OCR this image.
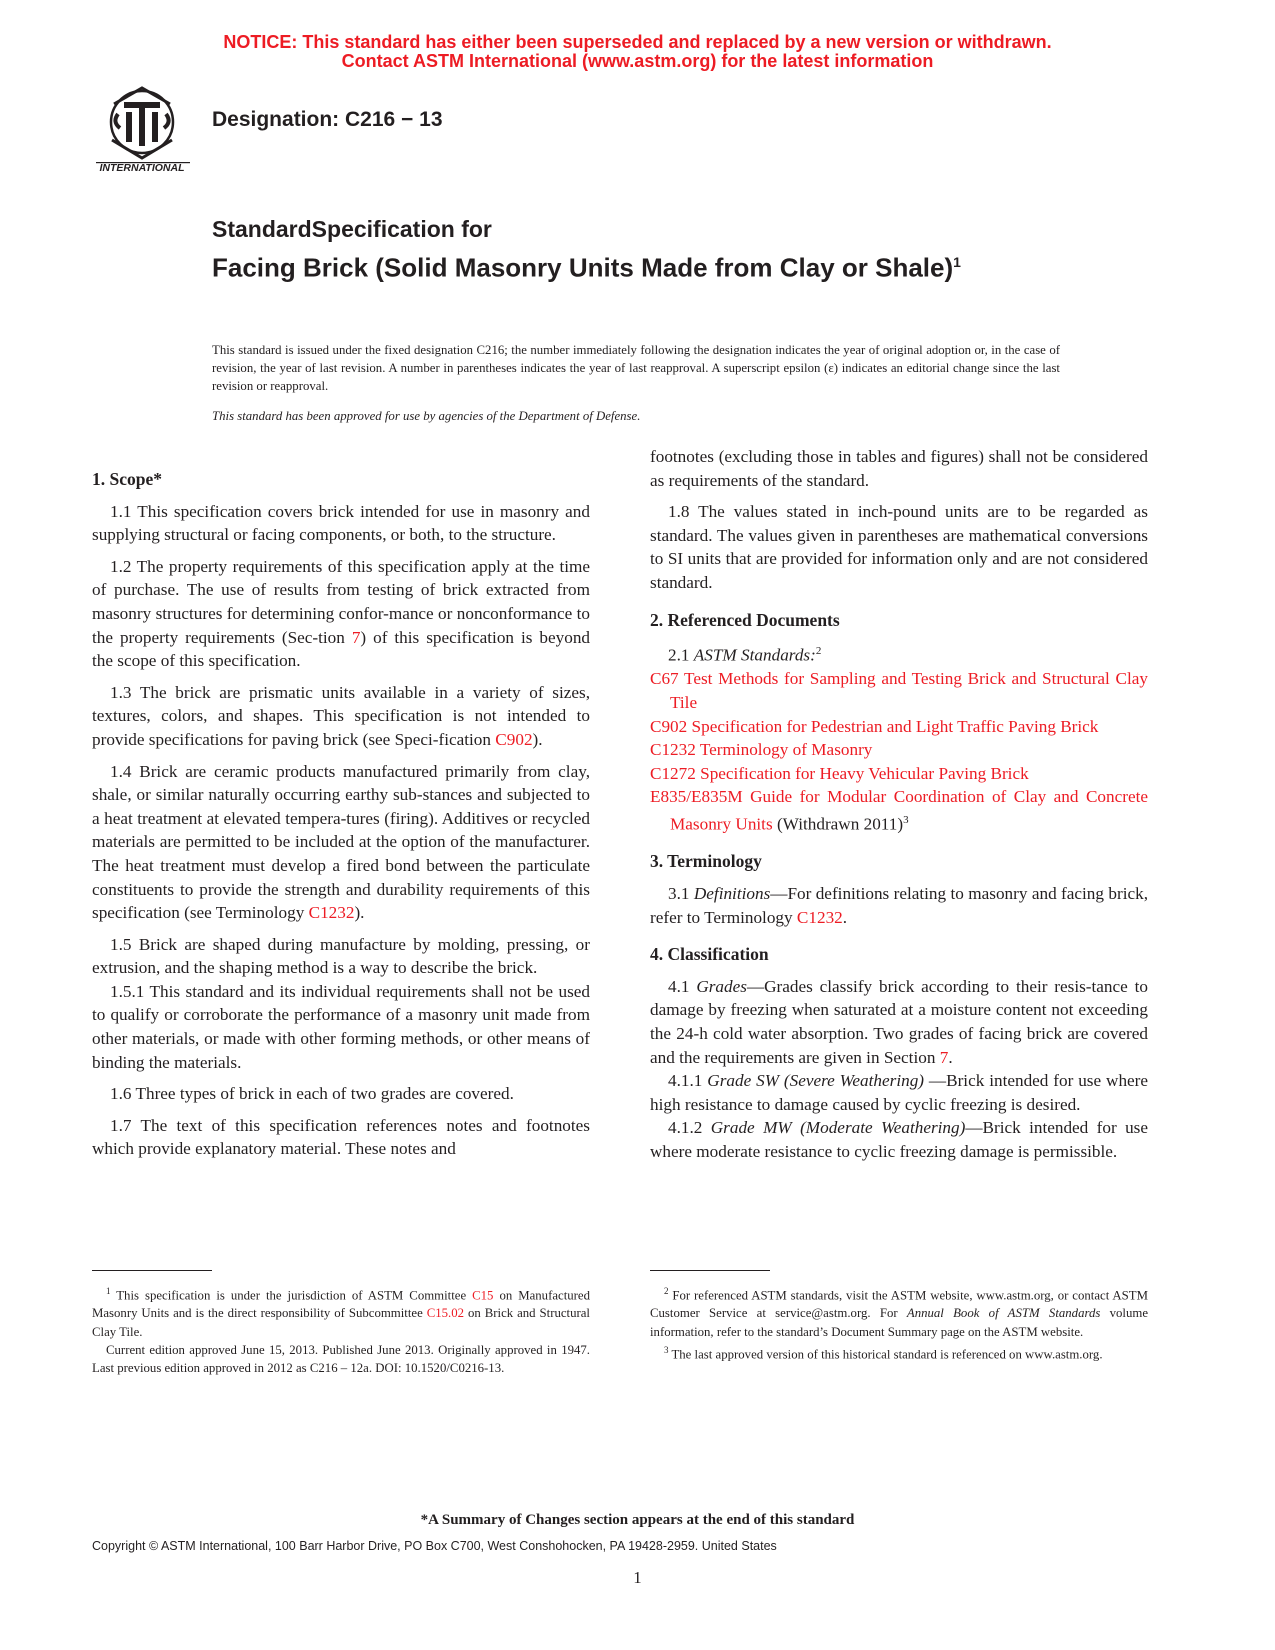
NOTICE: This standard has either been superseded and replaced by a new version or withdrawn.
Contact ASTM International (www.astm.org) for the latest information
INTERNATIONAL
Designation: C216 − 13
StandardSpecification for
Facing Brick (Solid Masonry Units Made from Clay or Shale)$^1$
This standard is issued under the fixed designation C216; the number immediately following the designation indicates the year of original adoption or, in the case of revision, the year of last revision. A number in parentheses indicates the year of last reapproval. A superscript epsilon (ε) indicates an editorial change since the last revision or reapproval.
This standard has been approved for use by agencies of the Department of Defense.
1. Scope*

1.1 This specification covers brick intended for use in masonry and supplying structural or facing components, or both, to the structure.

1.2 The property requirements of this specification apply at the time of purchase. The use of results from testing of brick extracted from masonry structures for determining confor-mance or nonconformance to the property requirements (Sec-tion 7) of this specification is beyond the scope of this specification.

1.3 The brick are prismatic units available in a variety of sizes, textures, colors, and shapes. This specification is not intended to provide specifications for paving brick (see Speci-fication C902).

1.4 Brick are ceramic products manufactured primarily from clay, shale, or similar naturally occurring earthy sub-stances and subjected to a heat treatment at elevated tempera-tures (firing). Additives or recycled materials are permitted to be included at the option of the manufacturer. The heat treatment must develop a fired bond between the particulate constituents to provide the strength and durability requirements of this specification (see Terminology C1232).

1.5 Brick are shaped during manufacture by molding, pressing, or extrusion, and the shaping method is a way to describe the brick.

1.5.1 This standard and its individual requirements shall not be used to qualify or corroborate the performance of a masonry unit made from other materials, or made with other forming methods, or other means of binding the materials.

1.6 Three types of brick in each of two grades are covered.

1.7 The text of this specification references notes and footnotes which provide explanatory material. These notes and

footnotes (excluding those in tables and figures) shall not be considered as requirements of the standard.

1.8 The values stated in inch-pound units are to be regarded as standard. The values given in parentheses are mathematical conversions to SI units that are provided for information only and are not considered standard.

2. Referenced Documents

2.1 ASTM Standards:$^2$

C67 Test Methods for Sampling and Testing Brick and Structural Clay Tile

C902 Specification for Pedestrian and Light Traffic Paving Brick

C1232 Terminology of Masonry

C1272 Specification for Heavy Vehicular Paving Brick

E835/E835M Guide for Modular Coordination of Clay and Concrete Masonry Units (Withdrawn 2011)$^3$

3. Terminology

3.1 Definitions—For definitions relating to masonry and facing brick, refer to Terminology C1232.

4. Classification

4.1 Grades—Grades classify brick according to their resis-tance to damage by freezing when saturated at a moisture content not exceeding the 24-h cold water absorption. Two grades of facing brick are covered and the requirements are given in Section 7.

4.1.1 Grade SW (Severe Weathering) —Brick intended for use where high resistance to damage caused by cyclic freezing is desired.

4.1.2 Grade MW (Moderate Weathering)—Brick intended for use where moderate resistance to cyclic freezing damage is permissible.

$^1$ This specification is under the jurisdiction of ASTM Committee C15 on Manufactured Masonry Units and is the direct responsibility of Subcommittee C15.02 on Brick and Structural Clay Tile.

Current edition approved June 15, 2013. Published June 2013. Originally approved in 1947. Last previous edition approved in 2012 as C216 – 12a. DOI: 10.1520/C0216-13.

$^2$ For referenced ASTM standards, visit the ASTM website, www.astm.org, or contact ASTM Customer Service at service@astm.org. For Annual Book of ASTM Standards volume information, refer to the standard’s Document Summary page on the ASTM website.

$^3$ The last approved version of this historical standard is referenced on www.astm.org.

*A Summary of Changes section appears at the end of this standard
Copyright © ASTM International, 100 Barr Harbor Drive, PO Box C700, West Conshohocken, PA 19428-2959. United States
1
